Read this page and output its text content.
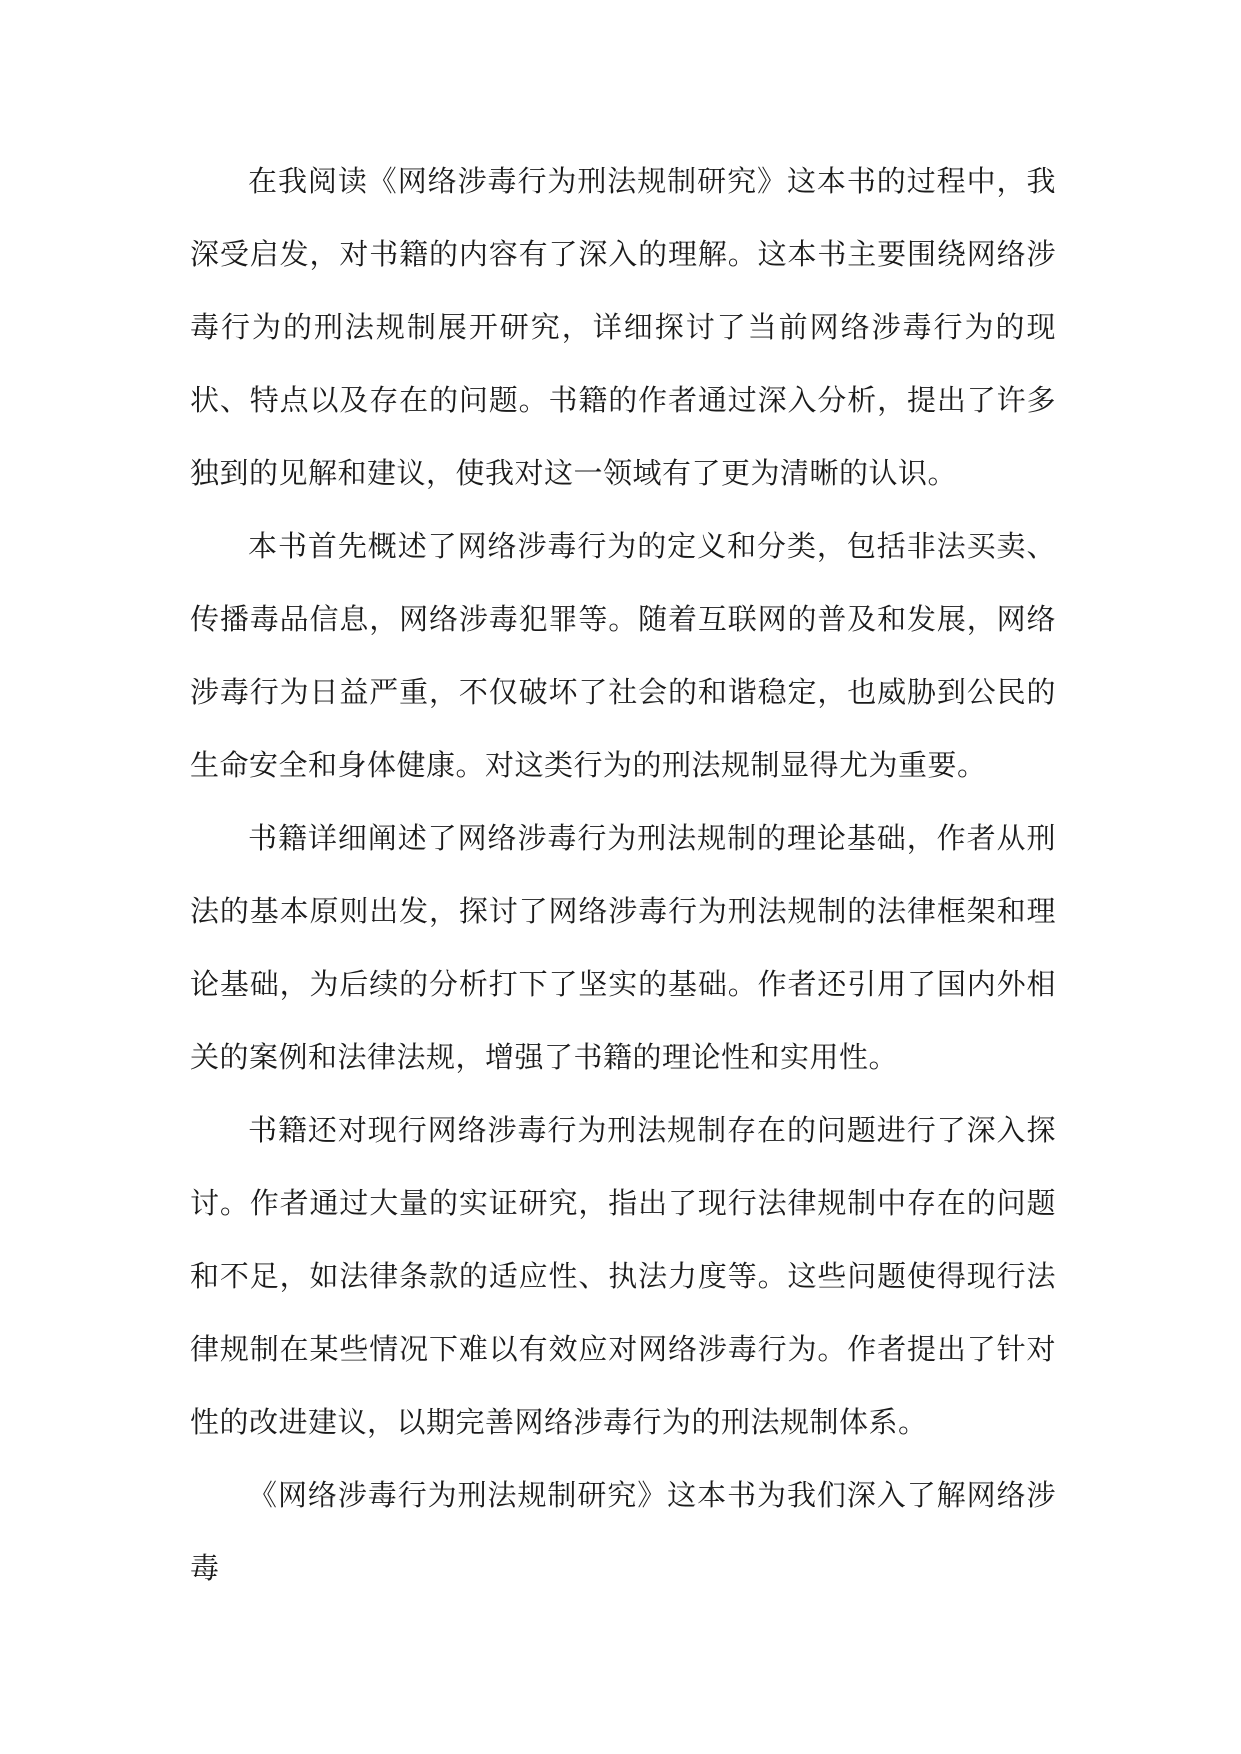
在我阅读《网络涉毒行为刑法规制研究》这本书的过程中，我深受启发，对书籍的内容有了深入的理解。这本书主要围绕网络涉毒行为的刑法规制展开研究，详细探讨了当前网络涉毒行为的现状、特点以及存在的问题。书籍的作者通过深入分析，提出了许多独到的见解和建议，使我对这一领域有了更为清晰的认识。

本书首先概述了网络涉毒行为的定义和分类，包括非法买卖、传播毒品信息，网络涉毒犯罪等。随着互联网的普及和发展，网络涉毒行为日益严重，不仅破坏了社会的和谐稳定，也威胁到公民的生命安全和身体健康。对这类行为的刑法规制显得尤为重要。

书籍详细阐述了网络涉毒行为刑法规制的理论基础，作者从刑法的基本原则出发，探讨了网络涉毒行为刑法规制的法律框架和理论基础，为后续的分析打下了坚实的基础。作者还引用了国内外相关的案例和法律法规，增强了书籍的理论性和实用性。

书籍还对现行网络涉毒行为刑法规制存在的问题进行了深入探讨。作者通过大量的实证研究，指出了现行法律规制中存在的问题和不足，如法律条款的适应性、执法力度等。这些问题使得现行法律规制在某些情况下难以有效应对网络涉毒行为。作者提出了针对性的改进建议，以期完善网络涉毒行为的刑法规制体系。

《网络涉毒行为刑法规制研究》这本书为我们深入了解网络涉毒
